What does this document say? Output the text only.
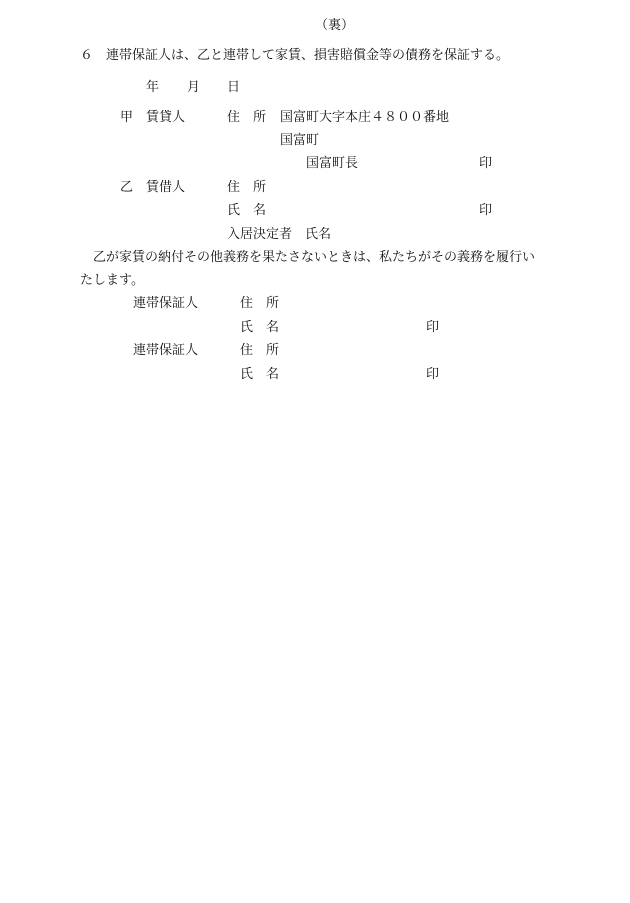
（裏）
６ 連帯保証人は、乙と連帯して家賃、損害賠償金等の債務を保証する。
年 月 日
甲 賃貸人	住　所 国富町大字本庄４８００番地
国富町
国富町長	印
乙 賃借人	住　所
氏　名	印
入居決定者　氏名
乙が家賃の納付その他義務を果たさないときは、私たちがその義務を履行い
たします。
連帯保証人	住　所
氏　名	印
連帯保証人	住　所
氏　名	印
